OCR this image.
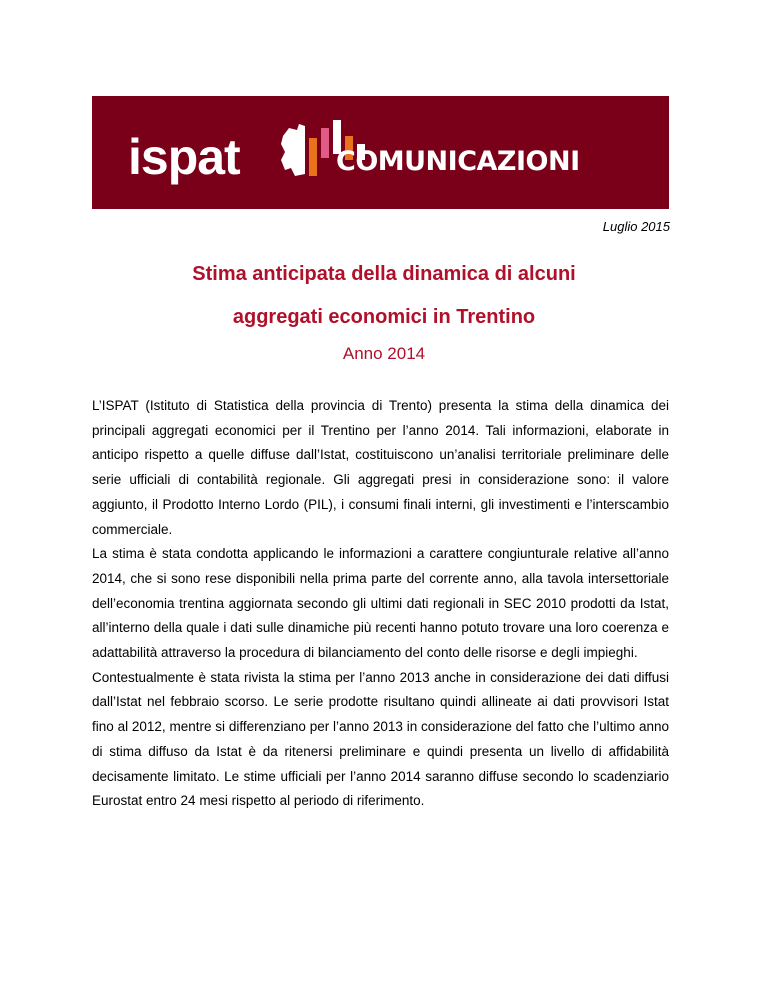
ispat	COMUNICAZIONI
Luglio 2015
Stima anticipata della dinamica di alcuni
aggregati economici in Trentino
Anno 2014

L’ISPAT (Istituto di Statistica della provincia di Trento) presenta la stima della dinamica dei principali aggregati economici per il Trentino per l’anno 2014. Tali informazioni, elaborate in anticipo rispetto a quelle diffuse dall’Istat, costituiscono un’analisi territoriale preliminare delle serie ufficiali di contabilità regionale. Gli aggregati presi in considerazione sono: il valore aggiunto, il Prodotto Interno Lordo (PIL), i consumi finali interni, gli investimenti e l’interscambio commerciale.

La stima è stata condotta applicando le informazioni a carattere congiunturale relative all’anno 2014, che si sono rese disponibili nella prima parte del corrente anno, alla tavola intersettoriale dell’economia trentina aggiornata secondo gli ultimi dati regionali in SEC 2010 prodotti da Istat, all’interno della quale i dati sulle dinamiche più recenti hanno potuto trovare una loro coerenza e adattabilità attraverso la procedura di bilanciamento del conto delle risorse e degli impieghi.

Contestualmente è stata rivista la stima per l’anno 2013 anche in considerazione dei dati diffusi dall’Istat nel febbraio scorso. Le serie prodotte risultano quindi allineate ai dati provvisori Istat fino al 2012, mentre si differenziano per l’anno 2013 in considerazione del fatto che l’ultimo anno di stima diffuso da Istat è da ritenersi preliminare e quindi presenta un livello di affidabilità decisamente limitato. Le stime ufficiali per l’anno 2014 saranno diffuse secondo lo scadenziario Eurostat entro 24 mesi rispetto al periodo di riferimento.
